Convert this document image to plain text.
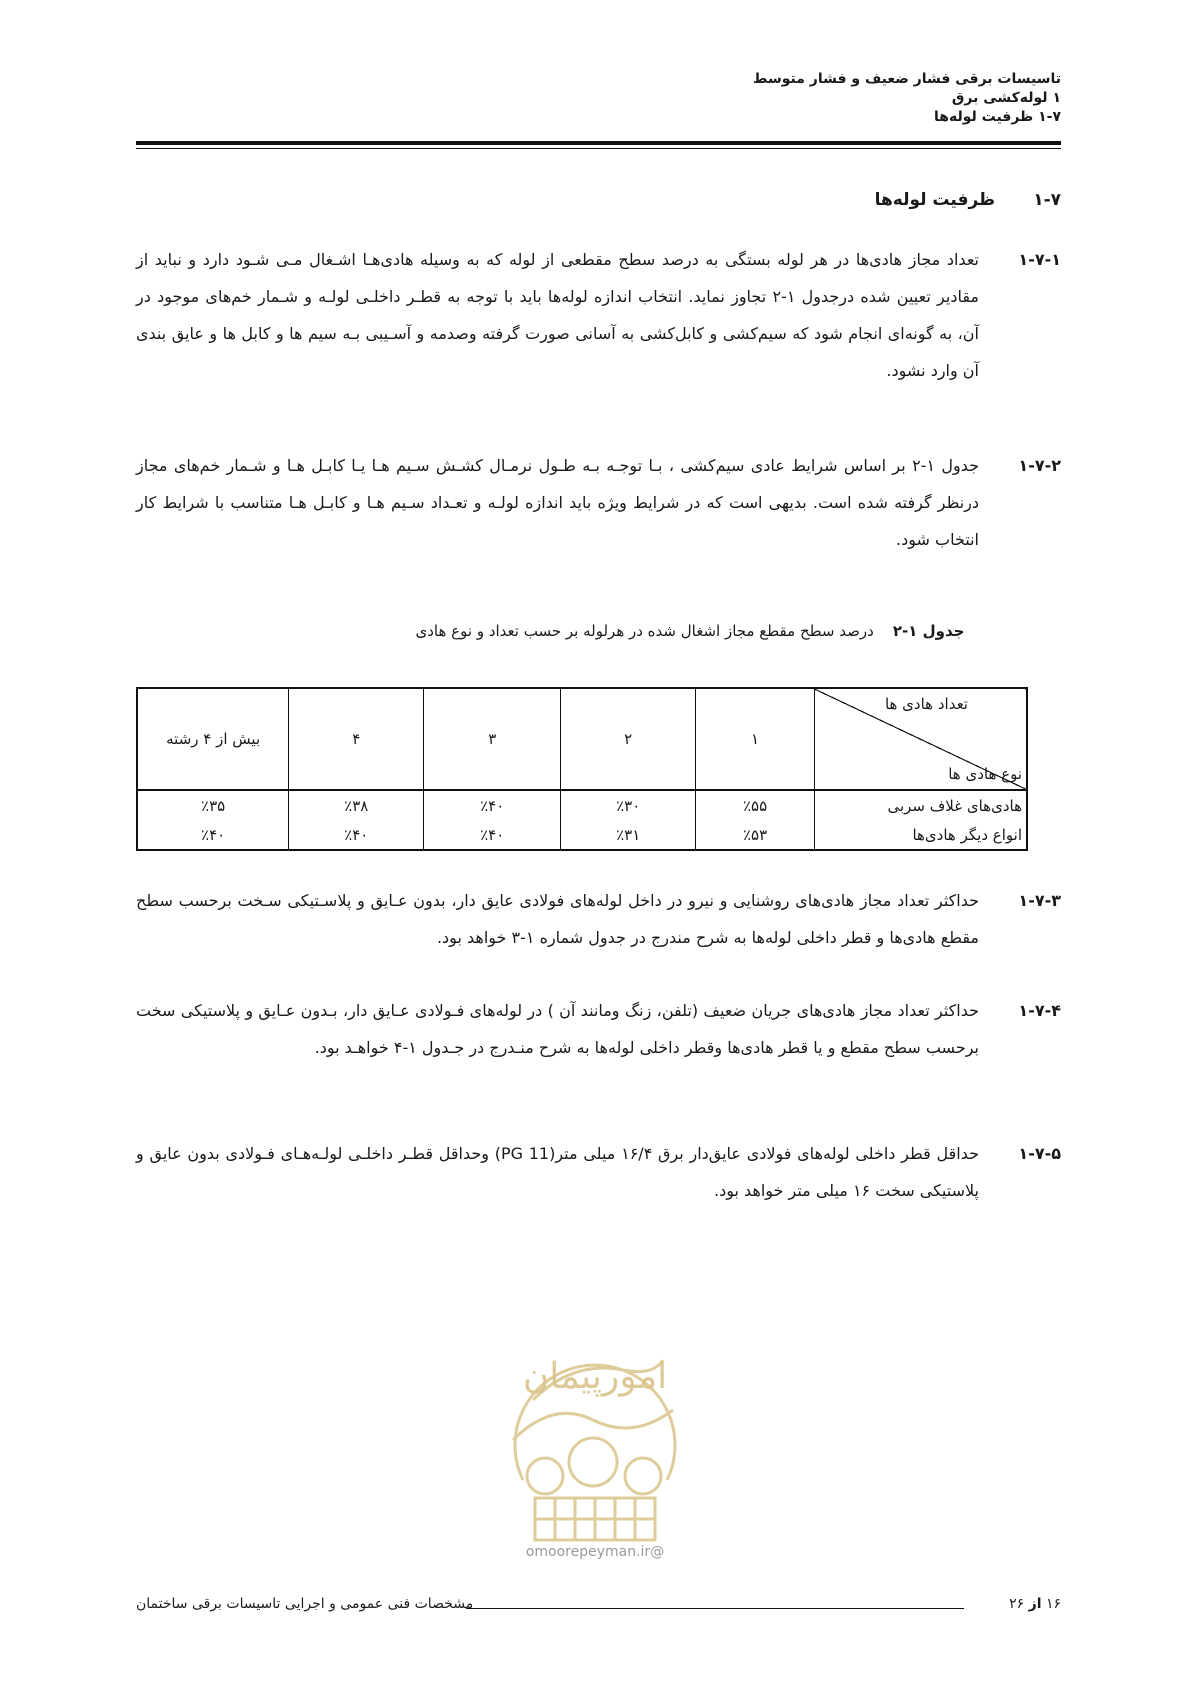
تاسیسات برقی فشار ضعیف و فشار متوسط
۱ لوله‌کشی برق
۱-۷ ظرفیت لوله‌ها
۱-۷ ظرفیت لوله‌ها
۱-۷-۱
تعداد مجاز هادی‌ها در هر لوله بستگی به درصد سطح مقطعی از لوله که به وسیله هادی‌هـا اشـغال مـی شـود دارد و نباید از مقادیر تعیین شده درجدول ۱-۲ تجاوز نماید. انتخاب اندازه لوله‌ها باید با توجه به قطـر داخلـی لولـه و شـمار خم‌های موجود در آن، به گونه‌ای انجام شود که سیم‌کشی و کابل‌کشی به آسانی صورت گرفته وصدمه و آسـیبی بـه سیم ها و کابل ها و عایق بندی آن وارد نشود.
۱-۷-۲
جدول ۱-۲ بر اساس شرایط عادی سیم‌کشی ، بـا توجـه بـه طـول نرمـال کشـش سـیم هـا یـا کابـل هـا و شـمار خم‌های مجاز درنظر گرفته شده است. بدیهی است که در شرایط ویژه باید اندازه لولـه و تعـداد سـیم هـا و کابـل هـا متناسب با شرایط کار انتخاب شود.
جدول ۱-۲    درصد سطح مقطع مجاز اشغال شده در هرلوله بر حسب تعداد و نوع هادی
تعداد هادی ها
نوع هادی ها	۱	۲	۳	۴	بیش از ۴ رشته
هادی‌های غلاف سربی	٪۵۵	٪۳۰	٪۴۰	٪۳۸	٪۳۵
انواع دیگر هادی‌ها	٪۵۳	٪۳۱	٪۴۰	٪۴۰	٪۴۰
۱-۷-۳
حداکثر تعداد مجاز هادی‌های روشنایی و نیرو در داخل لوله‌های فولادی عایق دار، بدون عـایق و پلاسـتیکی سـخت برحسب سطح مقطع هادی‌ها و قطر داخلی لوله‌ها به شرح مندرج در جدول شماره ۱-۳ خواهد بود.
۱-۷-۴
حداکثر تعداد مجاز هادی‌های جریان ضعیف (تلفن، زنگ ومانند آن ) در لوله‌های فـولادی عـایق دار، بـدون عـایق و پلاستیکی سخت برحسب سطح مقطع و یا قطر هادی‌ها وقطر داخلی لوله‌ها به شرح منـدرج در جـدول ۱-۴ خواهـد بود.
۱-۷-۵
حداقل قطر داخلی لوله‌های فولادی عایق‌دار برق ۱۶/۴ میلی متر(PG 11) وحداقل قطـر داخلـی لولـه‌هـای فـولادی بدون عایق و پلاستیکی سخت ۱۶ میلی متر خواهد بود.
امورپیمان
@omoorepeyman.ir
۱۶ از ۲۶
مشخصات فنی عمومی و اجرایی تاسیسات برقی ساختمان
